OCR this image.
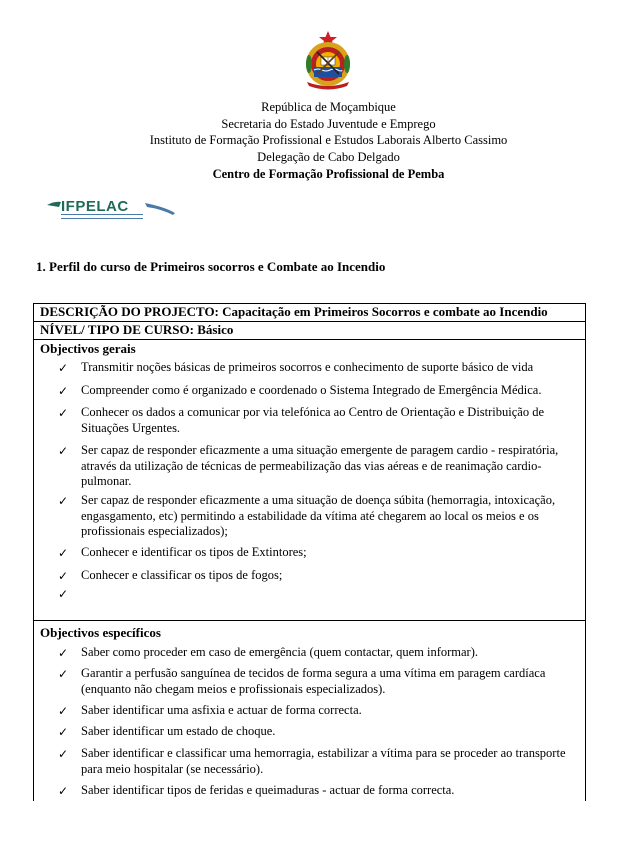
República de Moçambique
Secretaria do Estado Juventude e Emprego
Instituto de Formação Profissional e Estudos Laborais Alberto Cassimo
Delegação de Cabo Delgado
Centro de Formação Profissional de Pemba
IFPELAC
1. Perfil do curso de Primeiros socorros e Combate ao Incendio
DESCRIÇÃO DO PROJECTO: Capacitação em Primeiros Socorros e combate ao Incendio
NÍVEL/ TIPO DE CURSO: Básico
Objectivos gerais
✓ Transmitir noções básicas de primeiros socorros e conhecimento de suporte básico de vida
✓ Compreender como é organizado e coordenado o Sistema Integrado de Emergência Médica.
✓ Conhecer os dados a comunicar por via telefónica ao Centro de Orientação e Distribuição de Situações Urgentes.
✓ Ser capaz de responder eficazmente a uma situação emergente de paragem cardio - respiratória, através da utilização de técnicas de permeabilização das vias aéreas e de reanimação cardio-pulmonar.
✓ Ser capaz de responder eficazmente a uma situação de doença súbita (hemorragia, intoxicação, engasgamento, etc) permitindo a estabilidade da vítima até chegarem ao local os meios e os profissionais especializados);
✓ Conhecer e identificar os tipos de Extintores;
✓ Conhecer e classificar os tipos de fogos;
✓
Objectivos específicos
✓ Saber como proceder em caso de emergência (quem contactar, quem informar).
✓ Garantir a perfusão sanguínea de tecidos de forma segura a uma vítima em paragem cardíaca (enquanto não chegam meios e profissionais especializados).
✓ Saber identificar uma asfixia e actuar de forma correcta.
✓ Saber identificar um estado de choque.
✓ Saber identificar e classificar uma hemorragia, estabilizar a vítima para se proceder ao transporte para meio hospitalar (se necessário).
✓ Saber identificar tipos de feridas e queimaduras - actuar de forma correcta.
